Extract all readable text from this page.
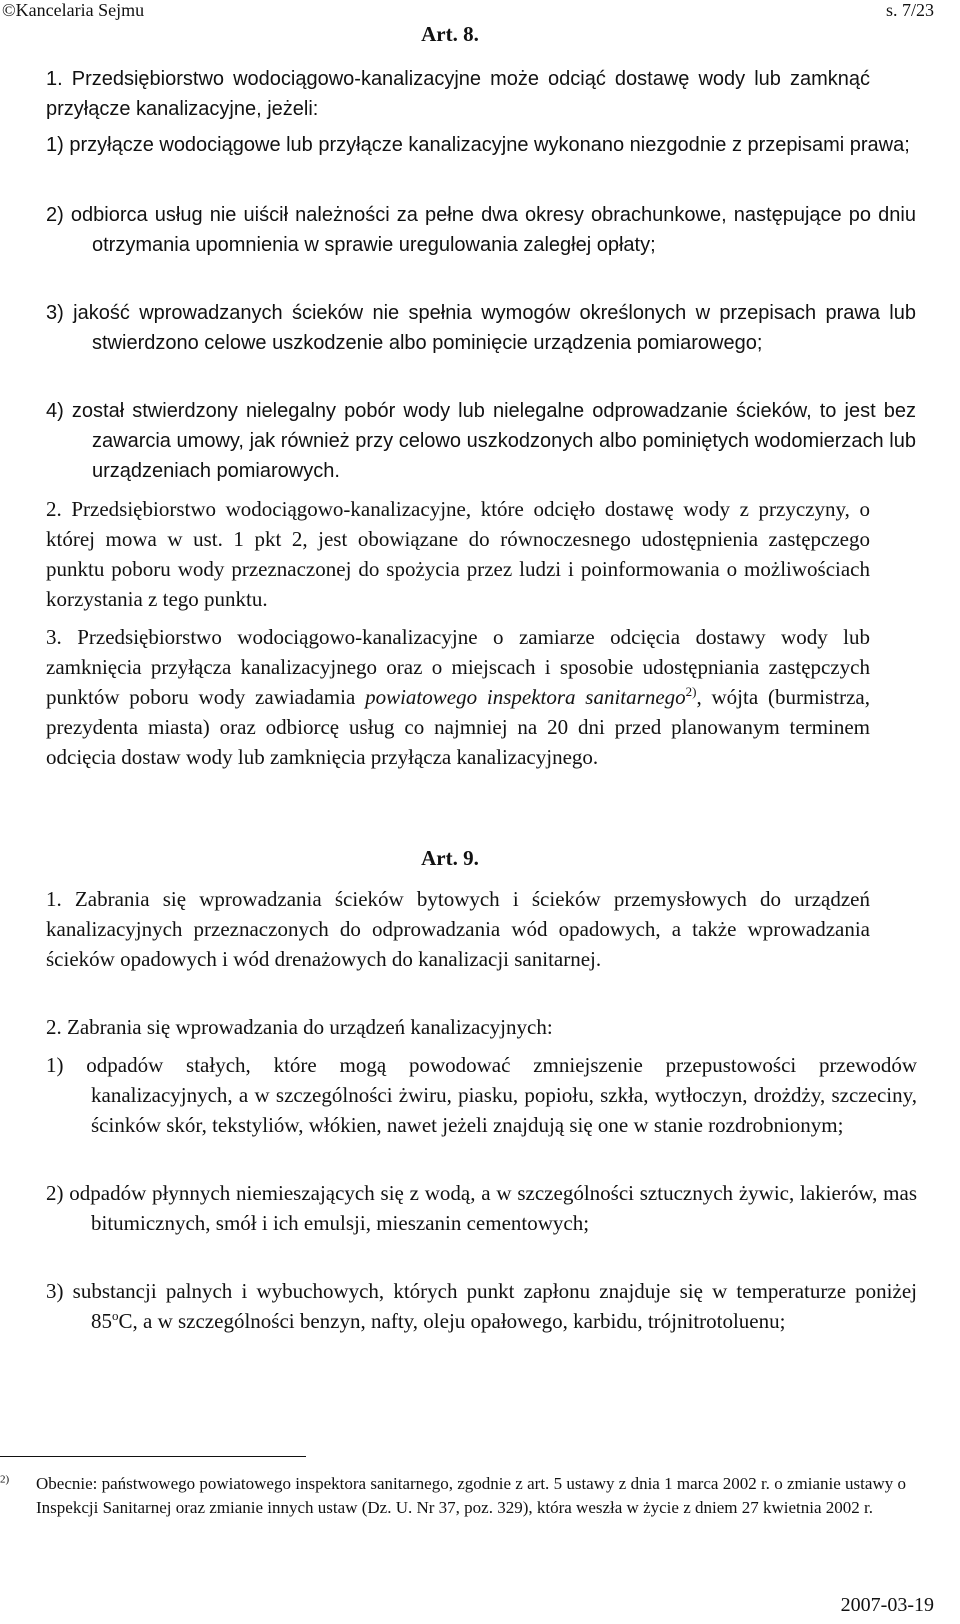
©Kancelaria Sejmu	s. 7/23
Art. 8.
1. Przedsiębiorstwo wodociągowo-kanalizacyjne może odciąć dostawę wody lub zamknąć przyłącze kanalizacyjne, jeżeli:
1) przyłącze wodociągowe lub przyłącze kanalizacyjne wykonano niezgodnie z przepisami prawa;
2) odbiorca usług nie uiścił należności za pełne dwa okresy obrachunkowe, następujące po dniu otrzymania upomnienia w sprawie uregulowania zaległej opłaty;
3) jakość wprowadzanych ścieków nie spełnia wymogów określonych w przepisach prawa lub stwierdzono celowe uszkodzenie albo pominięcie urządzenia pomiarowego;
4) został stwierdzony nielegalny pobór wody lub nielegalne odprowadzanie ścieków, to jest bez zawarcia umowy, jak również przy celowo uszkodzonych albo pominiętych wodomierzach lub urządzeniach pomiarowych.
2. Przedsiębiorstwo wodociągowo-kanalizacyjne, które odcięło dostawę wody z przyczyny, o której mowa w ust. 1 pkt 2, jest obowiązane do równoczesnego udostępnienia zastępczego punktu poboru wody przeznaczonej do spożycia przez ludzi i poinformowania o możliwościach korzystania z tego punktu.
3. Przedsiębiorstwo wodociągowo-kanalizacyjne o zamiarze odcięcia dostawy wody lub zamknięcia przyłącza kanalizacyjnego oraz o miejscach i sposobie udostępniania zastępczych punktów poboru wody zawiadamia powiatowego inspektora sanitarnego$^{2)}$, wójta (burmistrza, prezydenta miasta) oraz odbiorcę usług co najmniej na 20 dni przed planowanym terminem odcięcia dostaw wody lub zamknięcia przyłącza kanalizacyjnego.
Art. 9.
1. Zabrania się wprowadzania ścieków bytowych i ścieków przemysłowych do urządzeń kanalizacyjnych przeznaczonych do odprowadzania wód opadowych, a także wprowadzania ścieków opadowych i wód drenażowych do kanalizacji sanitarnej.
2. Zabrania się wprowadzania do urządzeń kanalizacyjnych:
1) odpadów stałych, które mogą powodować zmniejszenie przepustowości przewodów kanalizacyjnych, a w szczególności żwiru, piasku, popiołu, szkła, wytłoczyn, drożdży, szczeciny, ścinków skór, tekstyliów, włókien, nawet jeżeli znajdują się one w stanie rozdrobnionym;
2) odpadów płynnych niemieszających się z wodą, a w szczególności sztucznych żywic, lakierów, mas bitumicznych, smół i ich emulsji, mieszanin cementowych;
3) substancji palnych i wybuchowych, których punkt zapłonu znajduje się w temperaturze poniżej 85$^o$C, a w szczególności benzyn, nafty, oleju opałowego, karbidu, trójnitrotoluenu;
$^{2)}$ Obecnie: państwowego powiatowego inspektora sanitarnego, zgodnie z art. 5 ustawy z dnia 1 marca 2002 r. o zmianie ustawy o Inspekcji Sanitarnej oraz zmianie innych ustaw (Dz. U. Nr 37, poz. 329), która weszła w życie z dniem 27 kwietnia 2002 r.
2007-03-19
